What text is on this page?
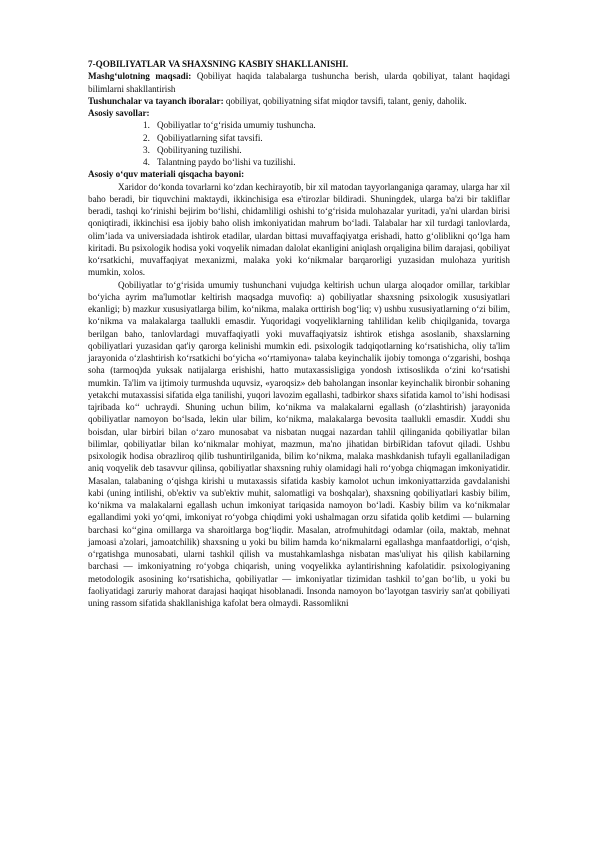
7-QOBILIYATLAR VA SHAXSNING KASBIY SHAKLLANISHI.

Mashg‘ulotning maqsadi: Qobiliyat haqida talabalarga tushuncha berish, ularda qobiliyat, talant haqidagi bilimlarni shakllantirish

Tushunchalar va tayanch iboralar: qobiliyat, qobiliyatning sifat miqdor tavsifi, talant, geniy, daholik.

Asosiy savollar:

1. Qobiliyatlar to‘g‘risida umumiy tushuncha.
2. Qobiliyatlarning sifat tavsifi.
3. Qobilityaning tuzilishi.
4. Talantning paydo bo‘lishi va tuzilishi.

Asosiy o‘quv materiali qisqacha bayoni:

Xaridor do‘konda tovarlarni ko‘zdan kechirayotib, bir xil matodan tayyorlanganiga qaramay, ularga har xil baho beradi, bir tiquvchini maktaydi, ikkinchisiga esa e'tirozlar bildiradi. Shuningdek, ularga ba'zi bir takliflar beradi, tashqi ko‘rinishi bejirim bo‘lishi, chidamliligi oshishi to‘g‘risida mulohazalar yuritadi, ya'ni ulardan birisi qoniqtiradi, ikkinchisi esa ijobiy baho olish imkoniyatidan mahrum bo‘ladi. Talabalar har xil turdagi tanlovlarda, olim’iada va universiadada ishtirok etadilar, ulardan bittasi muvaffaqiyatga erishadi, hatto g‘oliblikni qo‘lga ham kiritadi. Bu psixologik hodisa yoki voqyelik nimadan dalolat ekanligini aniqlash orqaligina bilim darajasi, qobiliyat ko‘rsatkichi, muvaffaqiyat mexanizmi, malaka yoki ko‘nikmalar barqarorligi yuzasidan mulohaza yuritish mumkin, xolos.

Qobiliyatlar to‘g‘risida umumiy tushunchani vujudga keltirish uchun ularga aloqador omillar, tarkiblar bo‘yicha ayrim ma'lumotlar keltirish maqsadga muvofiq: a) qobiliyatlar shaxsning psixologik xususiyatlari ekanligi; b) mazkur xususiyatlarga bilim, ko‘nikma, malaka orttirish bog‘liq; v) ushbu xususiyatlarning o‘zi bilim, ko‘nikma va malakalarga taallukli emasdir. Yuqoridagi voqyeliklarning tahlilidan kelib chiqilganida, tovarga berilgan baho, tanlovlardagi muvaffaqiyatli yoki muvaffaqiyatsiz ishtirok etishga asoslanib, shaxslarning qobiliyatlari yuzasidan qat'iy qarorga kelinishi mumkin edi. psixologik tadqiqotlarning ko‘rsatishicha, oliy ta'lim jarayonida o‘zlashtirish ko‘rsatkichi bo‘yicha «o‘rtamiyona» talaba keyinchalik ijobiy tomonga o‘zgarishi, boshqa soha (tarmoq)da yuksak natijalarga erishishi, hatto mutaxassisligiga yondosh ixtisoslikda o‘zini ko‘rsatishi mumkin. Ta'lim va ijtimoiy turmushda uquvsiz, «yaroqsiz» deb baholangan insonlar keyinchalik bironbir sohaning yetakchi mutaxassisi sifatida elga tanilishi, yuqori lavozim egallashi, tadbirkor shaxs sifatida kamol to’ishi hodisasi tajribada ko‘‘ uchraydi. Shuning uchun bilim, ko‘nikma va malakalarni egallash (o‘zlashtirish) jarayonida qobiliyatlar namoyon bo‘lsada, lekin ular bilim, ko‘nikma, malakalarga bevosita taallukli emasdir. Xuddi shu boisdan, ular birbiri bilan o‘zaro munosabat va nisbatan nuqgai nazardan tahlil qilinganida qobiliyatlar bilan bilimlar, qobiliyatlar bilan ko‘nikmalar mohiyat, mazmun, ma'no jihatidan birbiRidan tafovut qiladi. Ushbu psixologik hodisa obrazliroq qilib tushuntirilganida, bilim ko‘nikma, malaka mashkdanish tufayli egallaniladigan aniq voqyelik deb tasavvur qilinsa, qobiliyatlar shaxsning ruhiy olamidagi hali ro‘yobga chiqmagan imkoniyatidir. Masalan, talabaning o‘qishga kirishi u mutaxassis sifatida kasbiy kamolot uchun imkoniyattarzida gavdalanishi kabi (uning intilishi, ob'ektiv va sub'ektiv muhit, salomatligi va boshqalar), shaxsning qobiliyatlari kasbiy bilim, ko‘nikma va malakalarni egallash uchun imkoniyat tariqasida namoyon bo‘ladi. Kasbiy bilim va ko‘nikmalar egallandimi yoki yo‘qmi, imkoniyat ro‘yobga chiqdimi yoki ushalmagan orzu sifatida qolib ketdimi — bularning barchasi ko‘‘gina omillarga va sharoitlarga bog‘liqdir. Masalan, atrofmuhitdagi odamlar (oila, maktab, mehnat jamoasi a'zolari, jamoatchilik) shaxsning u yoki bu bilim hamda ko‘nikmalarni egallashga manfaatdorligi, o‘qish, o‘rgatishga munosabati, ularni tashkil qilish va mustahkamlashga nisbatan mas'uliyat his qilish kabilarning barchasi — imkoniyatning ro‘yobga chiqarish, uning voqyelikka aylantirishning kafolatidir. psixologiyaning metodologik asosining ko‘rsatishicha, qobiliyatlar — imkoniyatlar tizimidan tashkil to’gan bo‘lib, u yoki bu faoliyatidagi zaruriy mahorat darajasi haqiqat hisoblanadi. Insonda namoyon bo‘layotgan tasviriy san'at qobiliyati uning rassom sifatida shakllanishiga kafolat bera olmaydi. Rassomlikni
